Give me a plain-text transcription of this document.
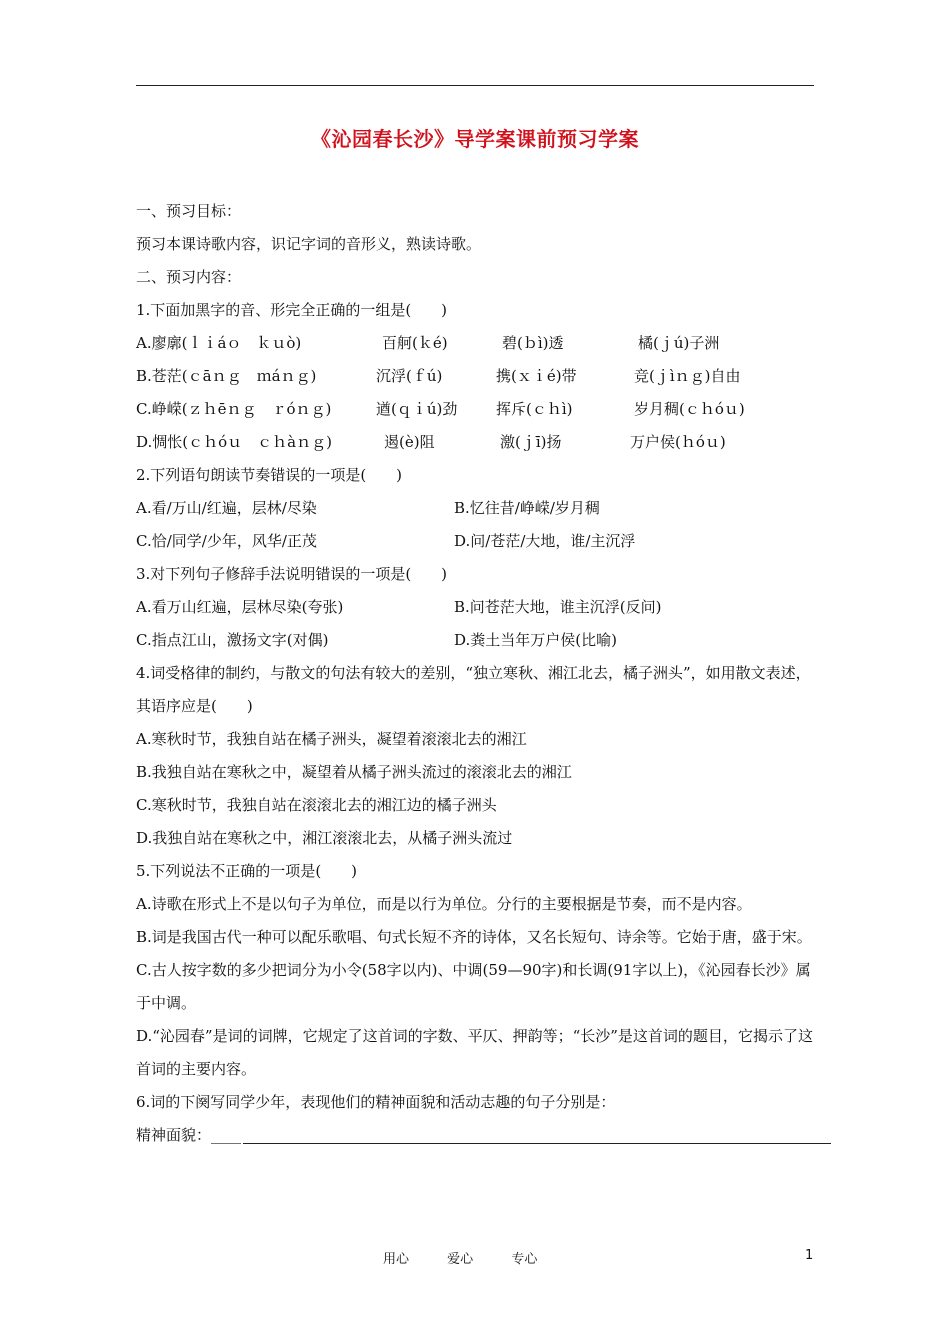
《沁园春长沙》导学案课前预习学案
一、预习目标：
预习本课诗歌内容，识记字词的音形义，熟读诗歌。
二、预习内容：
1.下面加黑字的音、形完全正确的一组是(　　)
A.廖廓(ｌｉáｏ　ｋｕò)	百舸(ｋé)	碧(ｂì)透	橘(ｊú)子洲
B.苍茫(ｃāｎｇ　ｍáｎｇ)	沉浮(ｆú)	携(ｘｉé)带	竞(ｊìｎｇ)自由
C.峥嵘(ｚｈēｎｇ　ｒóｎｇ)	遒(ｑｉú)劲	挥斥(ｃｈì)	岁月稠(ｃｈóｕ)
D.惆怅(ｃｈóｕ　ｃｈàｎｇ)	遏(è)阻	激(ｊī)扬	万户侯(ｈóｕ)
2.下列语句朗读节奏错误的一项是(　　)
A.看/万山/红遍，层林/尽染	B.忆往昔/峥嵘/岁月稠
C.恰/同学/少年，风华/正茂	D.问/苍茫/大地，谁/主沉浮
3.对下列句子修辞手法说明错误的一项是(　　)
A.看万山红遍，层林尽染(夸张)	B.问苍茫大地，谁主沉浮(反问)
C.指点江山，激扬文字(对偶)	D.粪土当年万户侯(比喻)
4.词受格律的制约，与散文的句法有较大的差别，“独立寒秋、湘江北去，橘子洲头”，如用散文表述，其语序应是(　　)
A.寒秋时节，我独自站在橘子洲头，凝望着滚滚北去的湘江
B.我独自站在寒秋之中，凝望着从橘子洲头流过的滚滚北去的湘江
C.寒秋时节，我独自站在滚滚北去的湘江边的橘子洲头
D.我独自站在寒秋之中，湘江滚滚北去，从橘子洲头流过
5.下列说法不正确的一项是(　　)
A.诗歌在形式上不是以句子为单位，而是以行为单位。分行的主要根据是节奏，而不是内容。
B.词是我国古代一种可以配乐歌唱、句式长短不齐的诗体，又名长短句、诗余等。它始于唐，盛于宋。
C.古人按字数的多少把词分为小令(58字以内)、中调(59—90字)和长调(91字以上)，《沁园春长沙》属于中调。
D.“沁园春”是词的词牌，它规定了这首词的字数、平仄、押韵等；“长沙”是这首词的题目，它揭示了这首词的主要内容。
6.词的下阕写同学少年，表现他们的精神面貌和活动志趣的句子分别是：
精神面貌：____
用心	爱心	专心	1
